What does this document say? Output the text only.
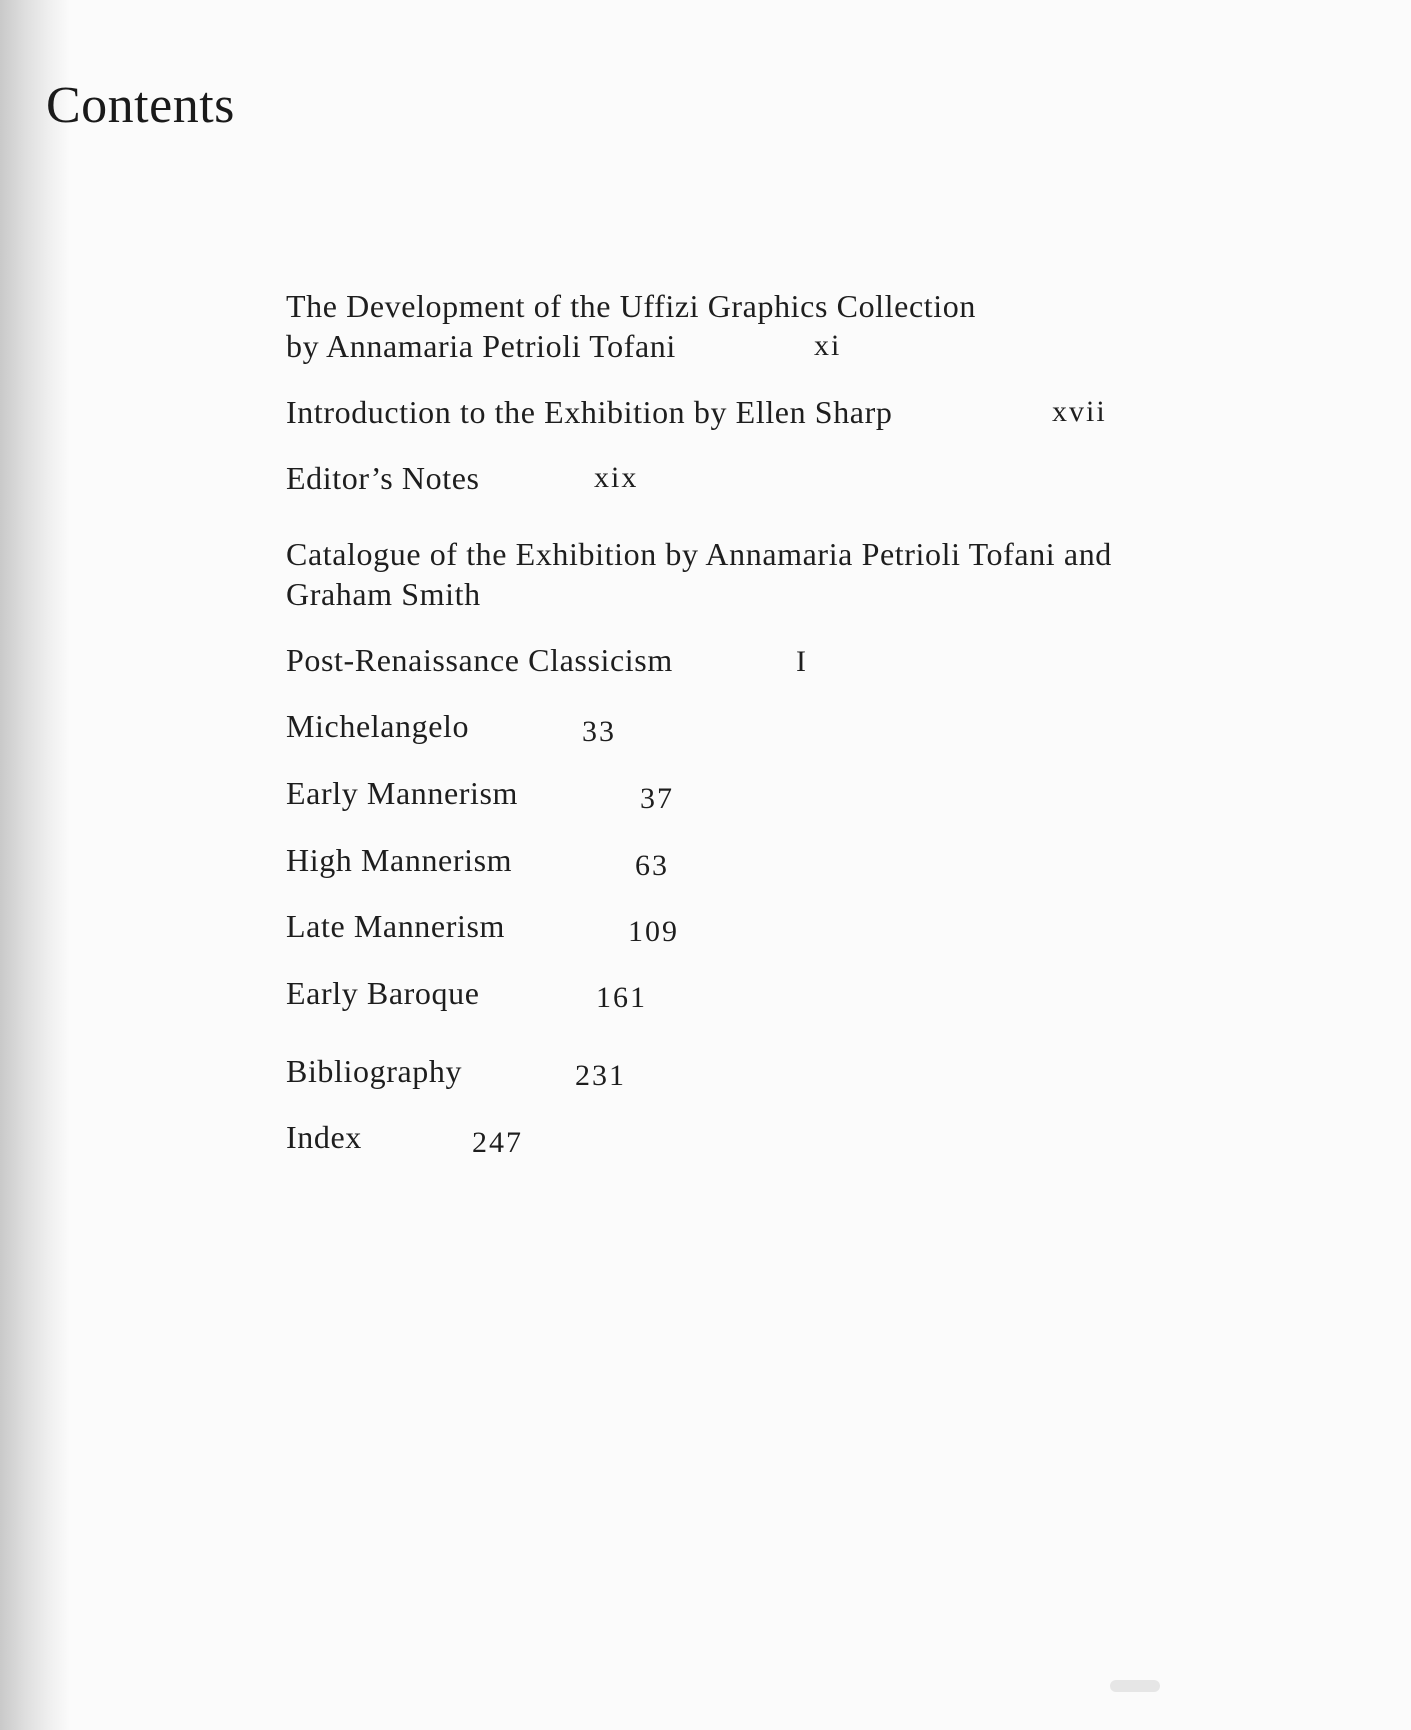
Contents
The Development of the Uffizi Graphics Collection
by Annamaria Petrioli Tofani	xi
Introduction to the Exhibition by Ellen Sharp	xvii
Editor’s Notes	xix
Catalogue of the Exhibition by Annamaria Petrioli Tofani and
Graham Smith
Post-Renaissance Classicism	I
Michelangelo	33
Early Mannerism	37
High Mannerism	63
Late Mannerism	109
Early Baroque	161
Bibliography	231
Index	247
